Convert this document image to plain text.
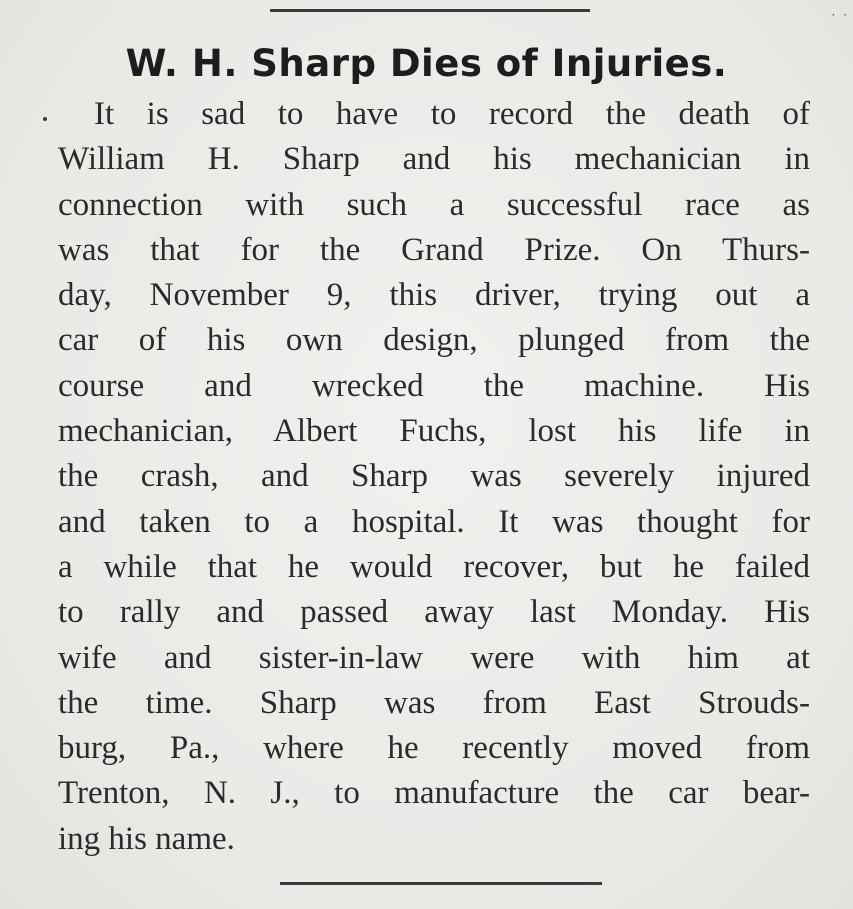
· ·
W. H. Sharp Dies of Injuries.
It is sad to have to record the death of
William H. Sharp and his mechanician in
connection with such a successful race as
was that for the Grand Prize. On Thurs-
day, November 9, this driver, trying out a
car of his own design, plunged from the
course and wrecked the machine. His
mechanician, Albert Fuchs, lost his life in
the crash, and Sharp was severely injured
and taken to a hospital. It was thought for
a while that he would recover, but he failed
to rally and passed away last Monday. His
wife and sister-in-law were with him at
the time. Sharp was from East Strouds-
burg, Pa., where he recently moved from
Trenton, N. J., to manufacture the car bear-
ing his name.
